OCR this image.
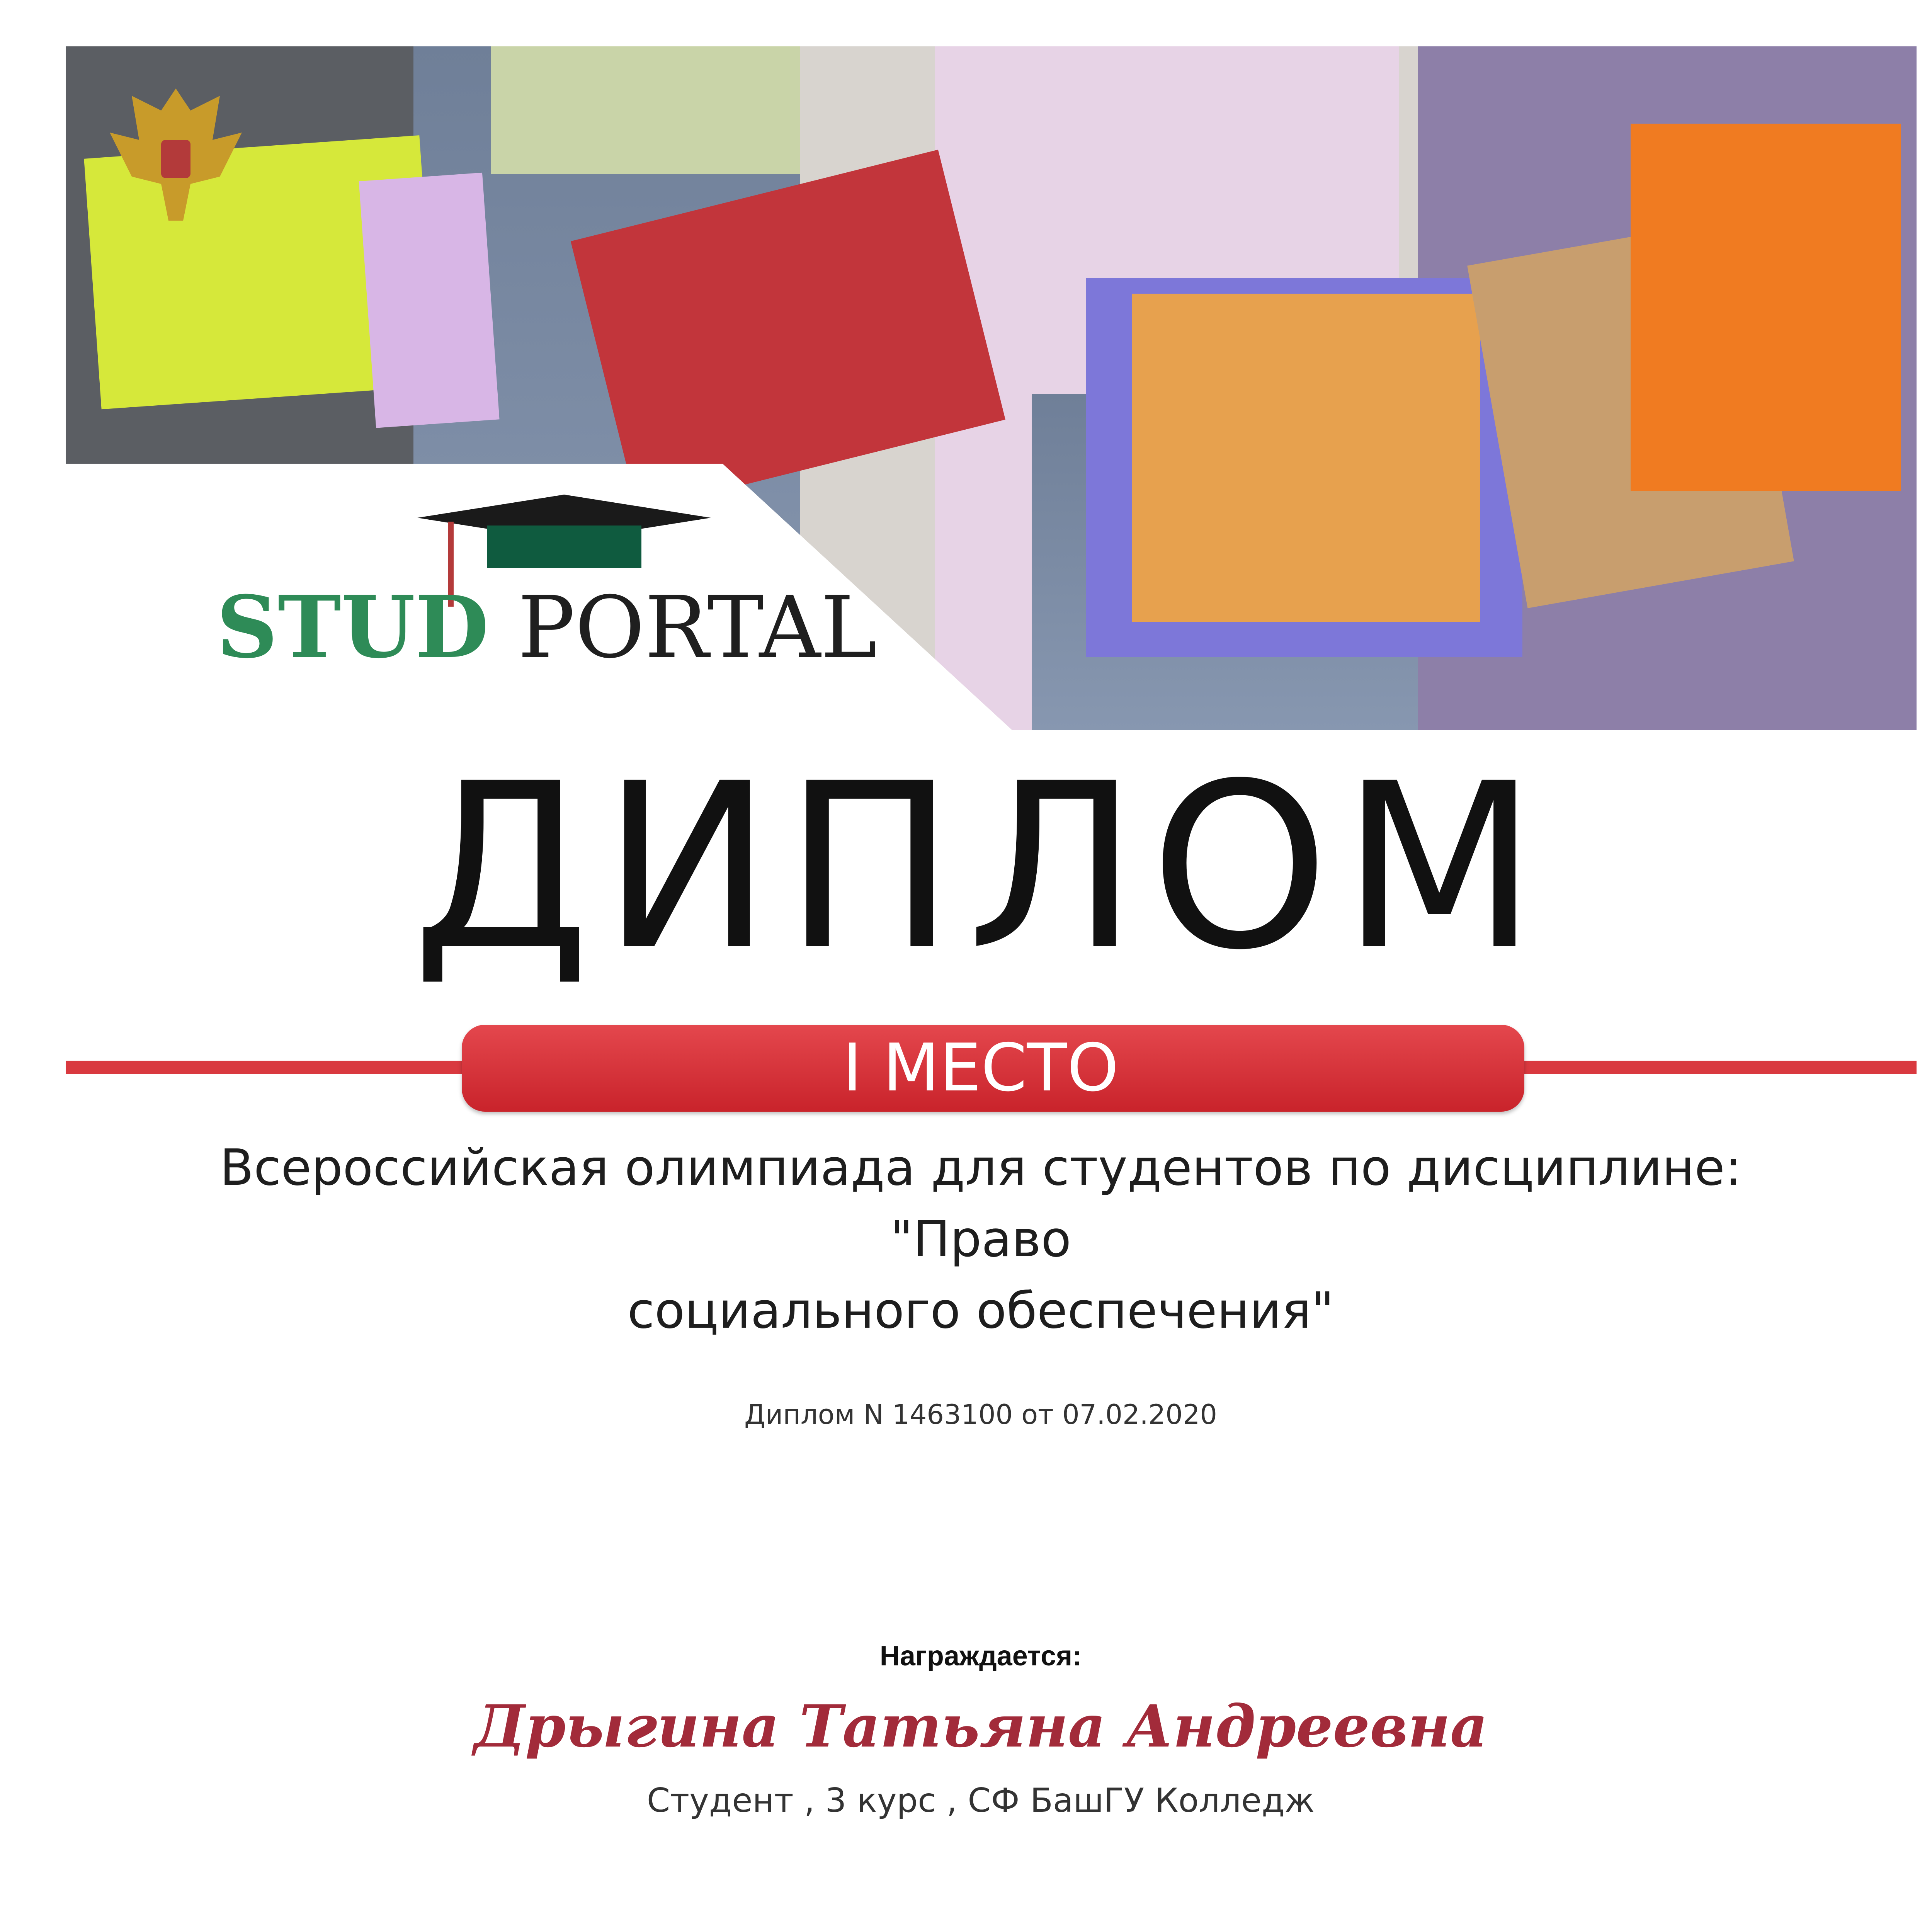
STUD PORTAL
ДИПЛОМ
I МЕСТО
Всероссийская олимпиада для студентов по дисциплине: "Право
социального обеспечения"
Диплом N 1463100 от 07.02.2020
Награждается:
Дрыгина Татьяна Андреевна
Студент , 3 курс , СФ БашГУ Колледж
